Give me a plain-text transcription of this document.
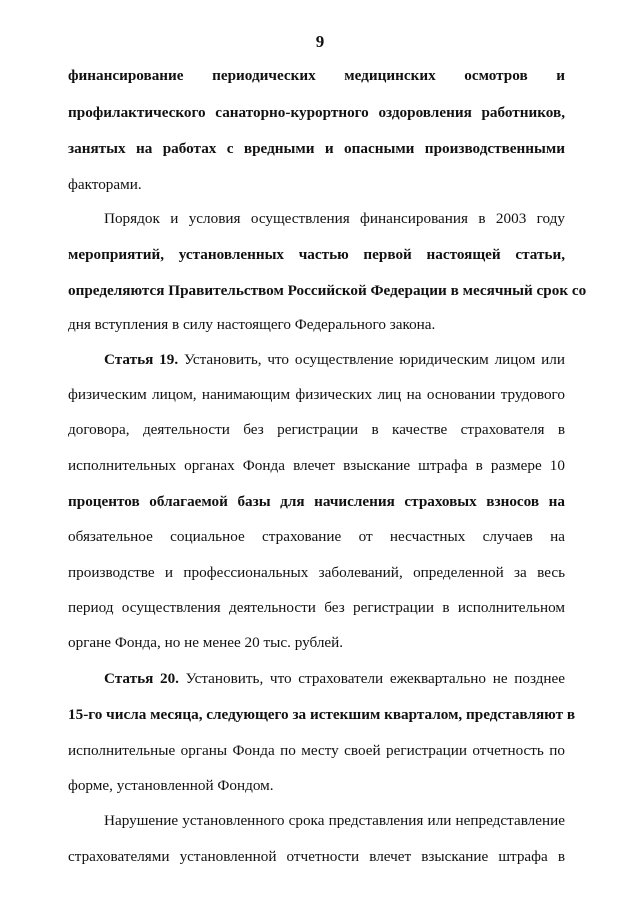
9
финансирование периодических медицинских осмотров и
профилактического санаторно-курортного оздоровления работников,
занятых на работах с вредными и опасными производственными
факторами.
Порядок и условия осуществления финансирования в 2003 году
мероприятий, установленных частью первой настоящей статьи,
определяются Правительством Российской Федерации в месячный срок со
дня вступления в силу настоящего Федерального закона.
Статья 19. Установить, что осуществление юридическим лицом или
физическим лицом, нанимающим физических лиц на основании трудового
договора, деятельности без регистрации в качестве страхователя в
исполнительных органах Фонда влечет взыскание штрафа в размере 10
процентов облагаемой базы для начисления страховых взносов на
обязательное социальное страхование от несчастных случаев на
производстве и профессиональных заболеваний, определенной за весь
период осуществления деятельности без регистрации в исполнительном
органе Фонда, но не менее 20 тыс. рублей.
Статья 20. Установить, что страхователи ежеквартально не позднее
15-го числа месяца, следующего за истекшим кварталом, представляют в
исполнительные органы Фонда по месту своей регистрации отчетность по
форме, установленной Фондом.
Нарушение установленного срока представления или непредставление
страхователями установленной отчетности влечет взыскание штрафа в
